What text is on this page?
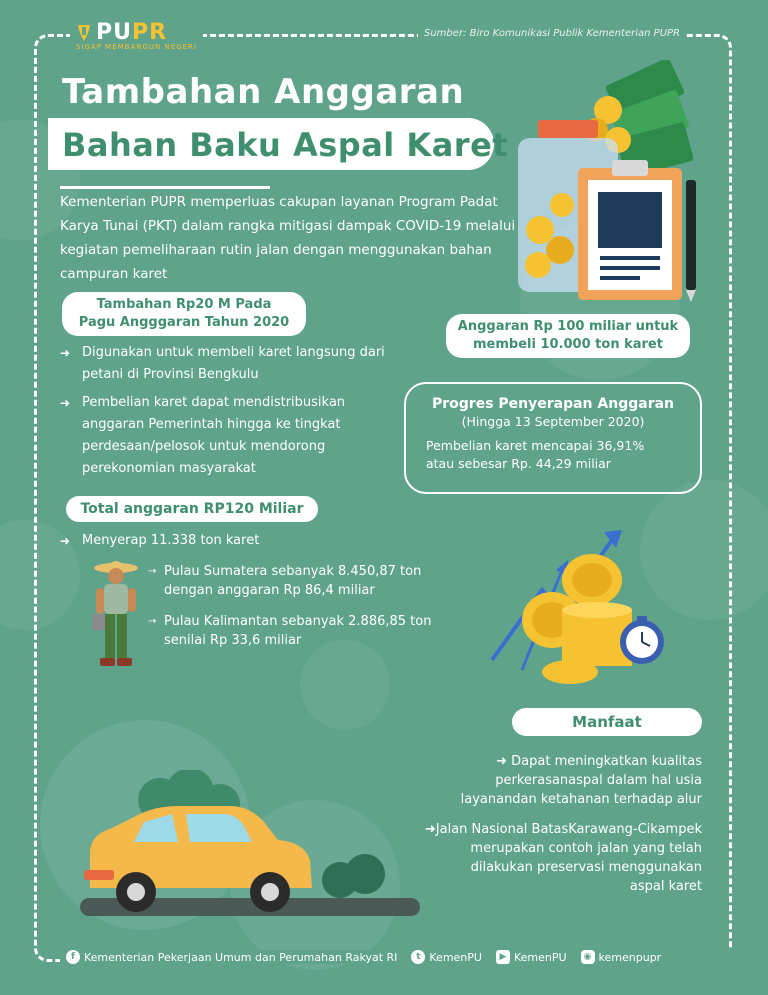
PUPR
SIGAP MEMBANGUN NEGERI
Sumber: Biro Komunikasi Publik Kementerian PUPR
Tambahan Anggaran
Bahan Baku Aspal Karet
Kementerian PUPR memperluas cakupan layanan Program Padat Karya Tunai (PKT) dalam rangka mitigasi dampak COVID-19 melalui kegiatan pemeliharaan rutin jalan dengan menggunakan bahan campuran karet
Tambahan Rp20 M Pada
Pagu Angggaran Tahun 2020
➜ Digunakan untuk membeli karet langsung dari petani di Provinsi Bengkulu
➜ Pembelian karet dapat mendistribusikan anggaran Pemerintah hingga ke tingkat perdesaan/pelosok untuk mendorong perekonomian masyarakat
Anggaran Rp 100 miliar untuk
membeli 10.000 ton karet
Progres Penyerapan Anggaran
(Hingga 13 September 2020)
Pembelian karet mencapai 36,91%
atau sebesar Rp. 44,29 miliar
Total anggaran RP120 Miliar
➜ Menyerap 11.338 ton karet
→ Pulau Sumatera sebanyak 8.450,87 ton
dengan anggaran Rp 86,4 miliar
→ Pulau Kalimantan sebanyak 2.886,85 ton
senilai Rp 33,6 miliar
Manfaat
➜ Dapat meningkatkan kualitas
perkerasanaspal dalam hal usia
layanandan ketahanan terhadap alur
➜Jalan Nasional BatasKarawang-Cikampek
merupakan contoh jalan yang telah
dilakukan preservasi menggunakan
aspal karet
f Kementerian Pekerjaan Umum dan Perumahan Rakyat RI	t KemenPU	▶ KemenPU	◉ kemenpupr
